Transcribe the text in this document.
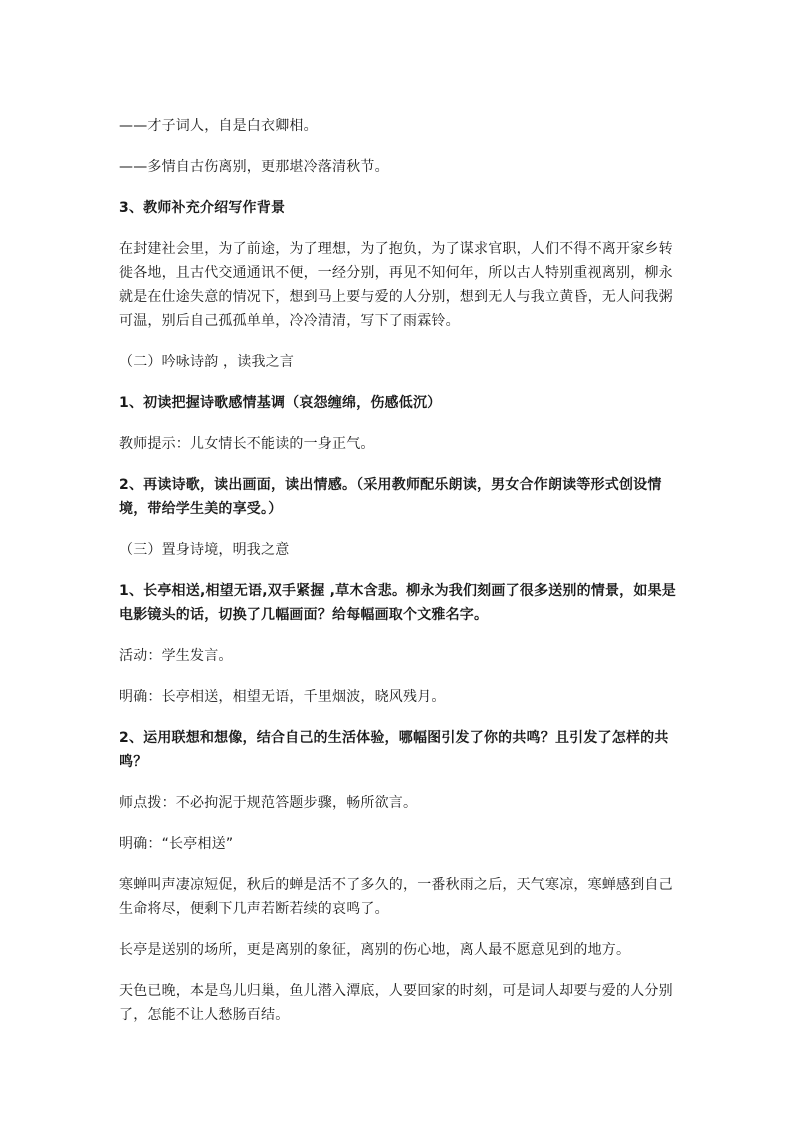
——才子词人，自是白衣卿相。

——多情自古伤离别，更那堪冷落清秋节。

3、教师补充介绍写作背景

在封建社会里，为了前途，为了理想，为了抱负，为了谋求官职，人们不得不离开家乡转徙各地，且古代交通通讯不便，一经分别，再见不知何年，所以古人特别重视离别，柳永就是在仕途失意的情况下，想到马上要与爱的人分别，想到无人与我立黄昏，无人问我粥可温，别后自己孤孤单单，冷冷清清，写下了雨霖铃。

（二）吟咏诗韵 ，读我之言

1、初读把握诗歌感情基调（哀怨缠绵，伤感低沉）

教师提示：儿女情长不能读的一身正气。

2、再读诗歌，读出画面，读出情感。（采用教师配乐朗读，男女合作朗读等形式创设情境，带给学生美的享受。）

（三）置身诗境，明我之意

1、长亭相送,相望无语,双手紧握 ,草木含悲。柳永为我们刻画了很多送别的情景，如果是电影镜头的话，切换了几幅画面？给每幅画取个文雅名字。

活动：学生发言。

明确：长亭相送，相望无语，千里烟波，晓风残月。

2、运用联想和想像，结合自己的生活体验，哪幅图引发了你的共鸣？且引发了怎样的共鸣？

师点拨：不必拘泥于规范答题步骤，畅所欲言。

明确：“长亭相送”

寒蝉叫声凄凉短促，秋后的蝉是活不了多久的，一番秋雨之后，天气寒凉，寒蝉感到自己生命将尽，便剩下几声若断若续的哀鸣了。

长亭是送别的场所，更是离别的象征，离别的伤心地，离人最不愿意见到的地方。

天色已晚，本是鸟儿归巢，鱼儿潜入潭底，人要回家的时刻，可是词人却要与爱的人分别了，怎能不让人愁肠百结。
